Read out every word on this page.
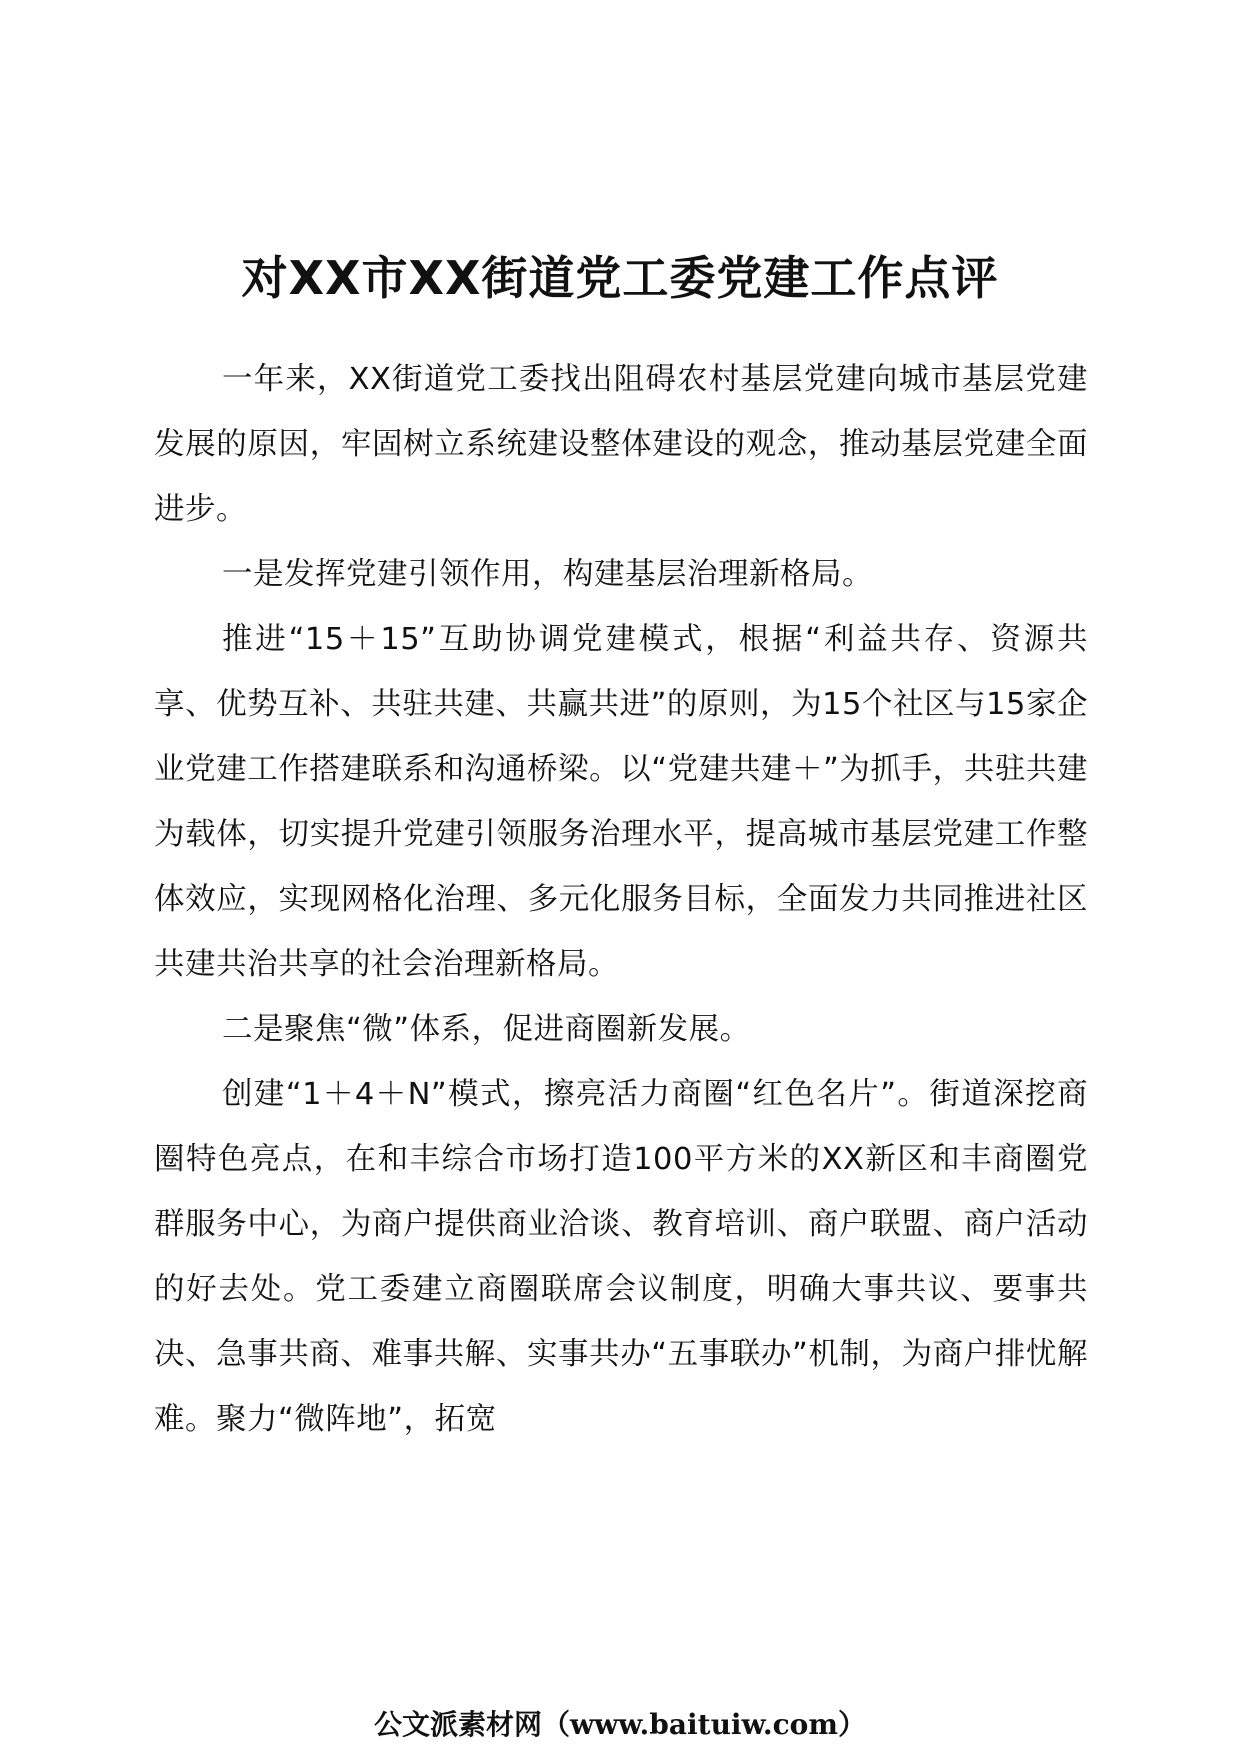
对XX市XX街道党工委党建工作点评

一年来，XX街道党工委找出阻碍农村基层党建向城市基层党建发展的原因，牢固树立系统建设整体建设的观念，推动基层党建全面进步。

一是发挥党建引领作用，构建基层治理新格局。

推进“15＋15”互助协调党建模式，根据“利益共存、资源共享、优势互补、共驻共建、共赢共进”的原则，为15个社区与15家企业党建工作搭建联系和沟通桥梁。以“党建共建＋”为抓手，共驻共建为载体，切实提升党建引领服务治理水平，提高城市基层党建工作整体效应，实现网格化治理、多元化服务目标，全面发力共同推进社区共建共治共享的社会治理新格局。

二是聚焦“微”体系，促进商圈新发展。

创建“1＋4＋N”模式，擦亮活力商圈“红色名片”。街道深挖商圈特色亮点，在和丰综合市场打造100平方米的XX新区和丰商圈党群服务中心，为商户提供商业洽谈、教育培训、商户联盟、商户活动的好去处。党工委建立商圈联席会议制度，明确大事共议、要事共决、急事共商、难事共解、实事共办“五事联办”机制，为商户排忧解难。聚力“微阵地”，拓宽

公文派素材网（www.baituiw.com）
